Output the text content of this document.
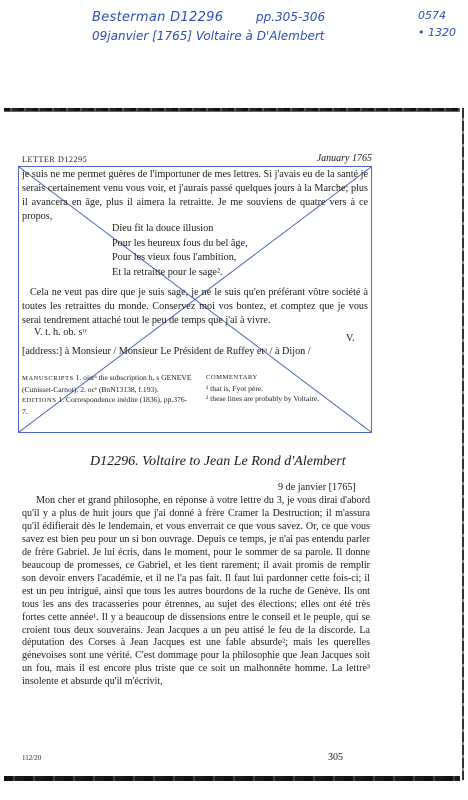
Besterman D12296	pp.305-306
09janvier [1765] Voltaire à D'Alembert
0574
• 1320
LETTER D12295	January 1765

je suis ne me permet guères de l'importuner de mes lettres. Si j'avais eu de la santé je serais certainement venu vous voir, et j'aurais passé quelques jours à la Marche; plus il avancera en âge, plus il aimera la retraitte. Je me souviens de quatre vers à ce propos,

Dieu fit la douce illusion
Pour les heureux fous du bel âge,
Pour les vieux fous l'ambition,
Et la retraitte pour le sage².

Cela ne veut pas dire que je suis sage, je ne le suis qu'en préférant vôtre société à toutes les retraittes du monde. Conservez moi vos bontez, et comptez que je vous serai tendrement attaché tout le peu de temps que j'ai à vivre.

V. t. h. ob. sᵗʳ
V.
[address:] à Monsieur / Monsieur Le Président de Ruffey etᵃ / à Dijon /
MANUSCRIPTS 1. oisrᵃ the subscription h, s GENEVE (Cunisset-Carnot). 2. ocᵉ (BnN13138, f.193).
EDITIONS 1. Correspondence inédite (1836), pp.376-7.
COMMENTARY
¹ that is, Fyot père.
² these lines are probably by Voltaire.
D12296. Voltaire to Jean Le Rond d'Alembert
9 de janvier [1765]

Mon cher et grand philosophe, en réponse à votre lettre du 3, je vous dirai d'abord qu'il y a plus de huit jours que j'ai donné à frère Cramer la Destruction; il m'assura qu'il édifierait dès le lendemain, et vous enverrait ce que vous savez. Or, ce que vous savez est bien peu pour un si bon ouvrage. Depuis ce temps, je n'ai pas entendu parler de frère Gabriel. Je lui écris, dans le moment, pour le sommer de sa parole. Il donne beaucoup de promesses, ce Gabriel, et les tient rarement; il avait promis de remplir son devoir envers l'académie, et il ne l'a pas fait. Il faut lui pardonner cette fois-ci; il est un peu intrigué, ainsi que tous les autres bourdons de la ruche de Genève. Ils ont tous les ans des tracasseries pour étrennes, au sujet des élections; elles ont été très fortes cette année¹. Il y a beaucoup de dissensions entre le conseil et le peuple, qui se croient tous deux souverains. Jean Jacques a un peu attisé le feu de la discorde. La députation des Corses à Jean Jacques est une fable absurde²; mais les querelles génevoises sont une vérité. C'est dommage pour la philosophie que Jean Jacques soit un fou, mais il est encore plus triste que ce soit un malhonnête homme. La lettre³ insolente et absurde qu'il m'écrivit,

112/20	305
